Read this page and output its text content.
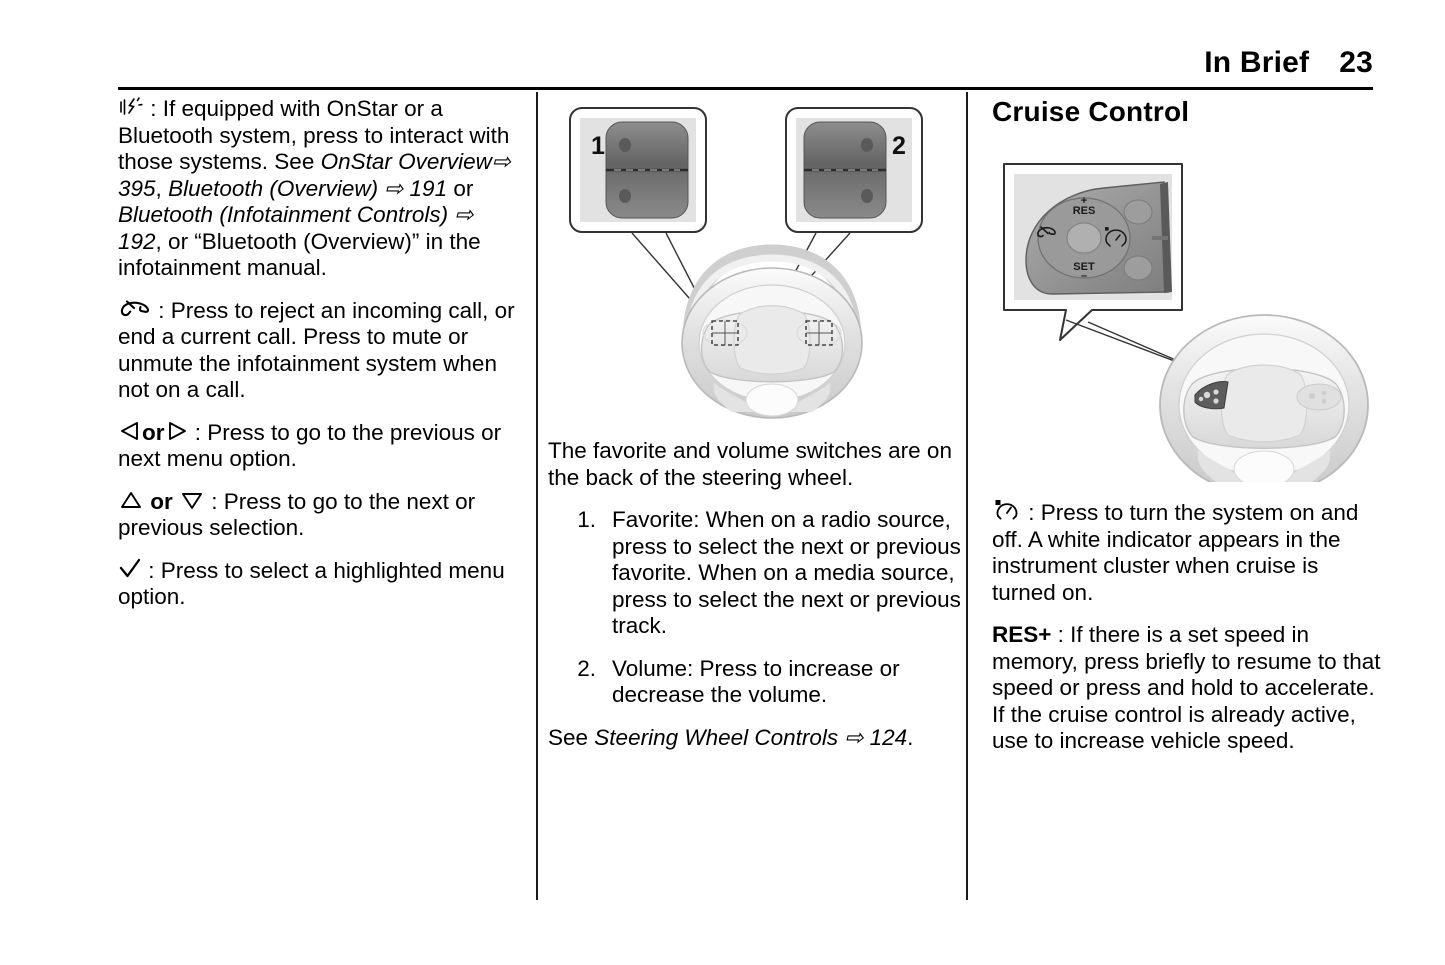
In Brief 23

: If equipped with OnStar or a Bluetooth system, press to interact with those systems. See OnStar Overview⇨ 395, Bluetooth (Overview) ⇨ 191 or Bluetooth (Infotainment Controls) ⇨ 192, or “Bluetooth (Overview)” in the infotainment manual.

: Press to reject an incoming call, or end a current call. Press to mute or unmute the infotainment system when not on a call.

or
: Press to go to the previous or next menu option.

or
: Press to go to the next or previous selection.

: Press to select a highlighted menu option.

1	2

The favorite and volume switches are on the back of the steering wheel.

1. Favorite: When on a radio source, press to select the next or previous favorite. When on a media source, press to select the next or previous track.
2. Volume: Press to increase or decrease the volume.

See Steering Wheel Controls ⇨ 124.

Cruise Control
RES
+
SET
–

: Press to turn the system on and off. A white indicator appears in the instrument cluster when cruise is turned on.

RES+ : If there is a set speed in memory, press briefly to resume to that speed or press and hold to accelerate. If the cruise control is already active, use to increase vehicle speed.
